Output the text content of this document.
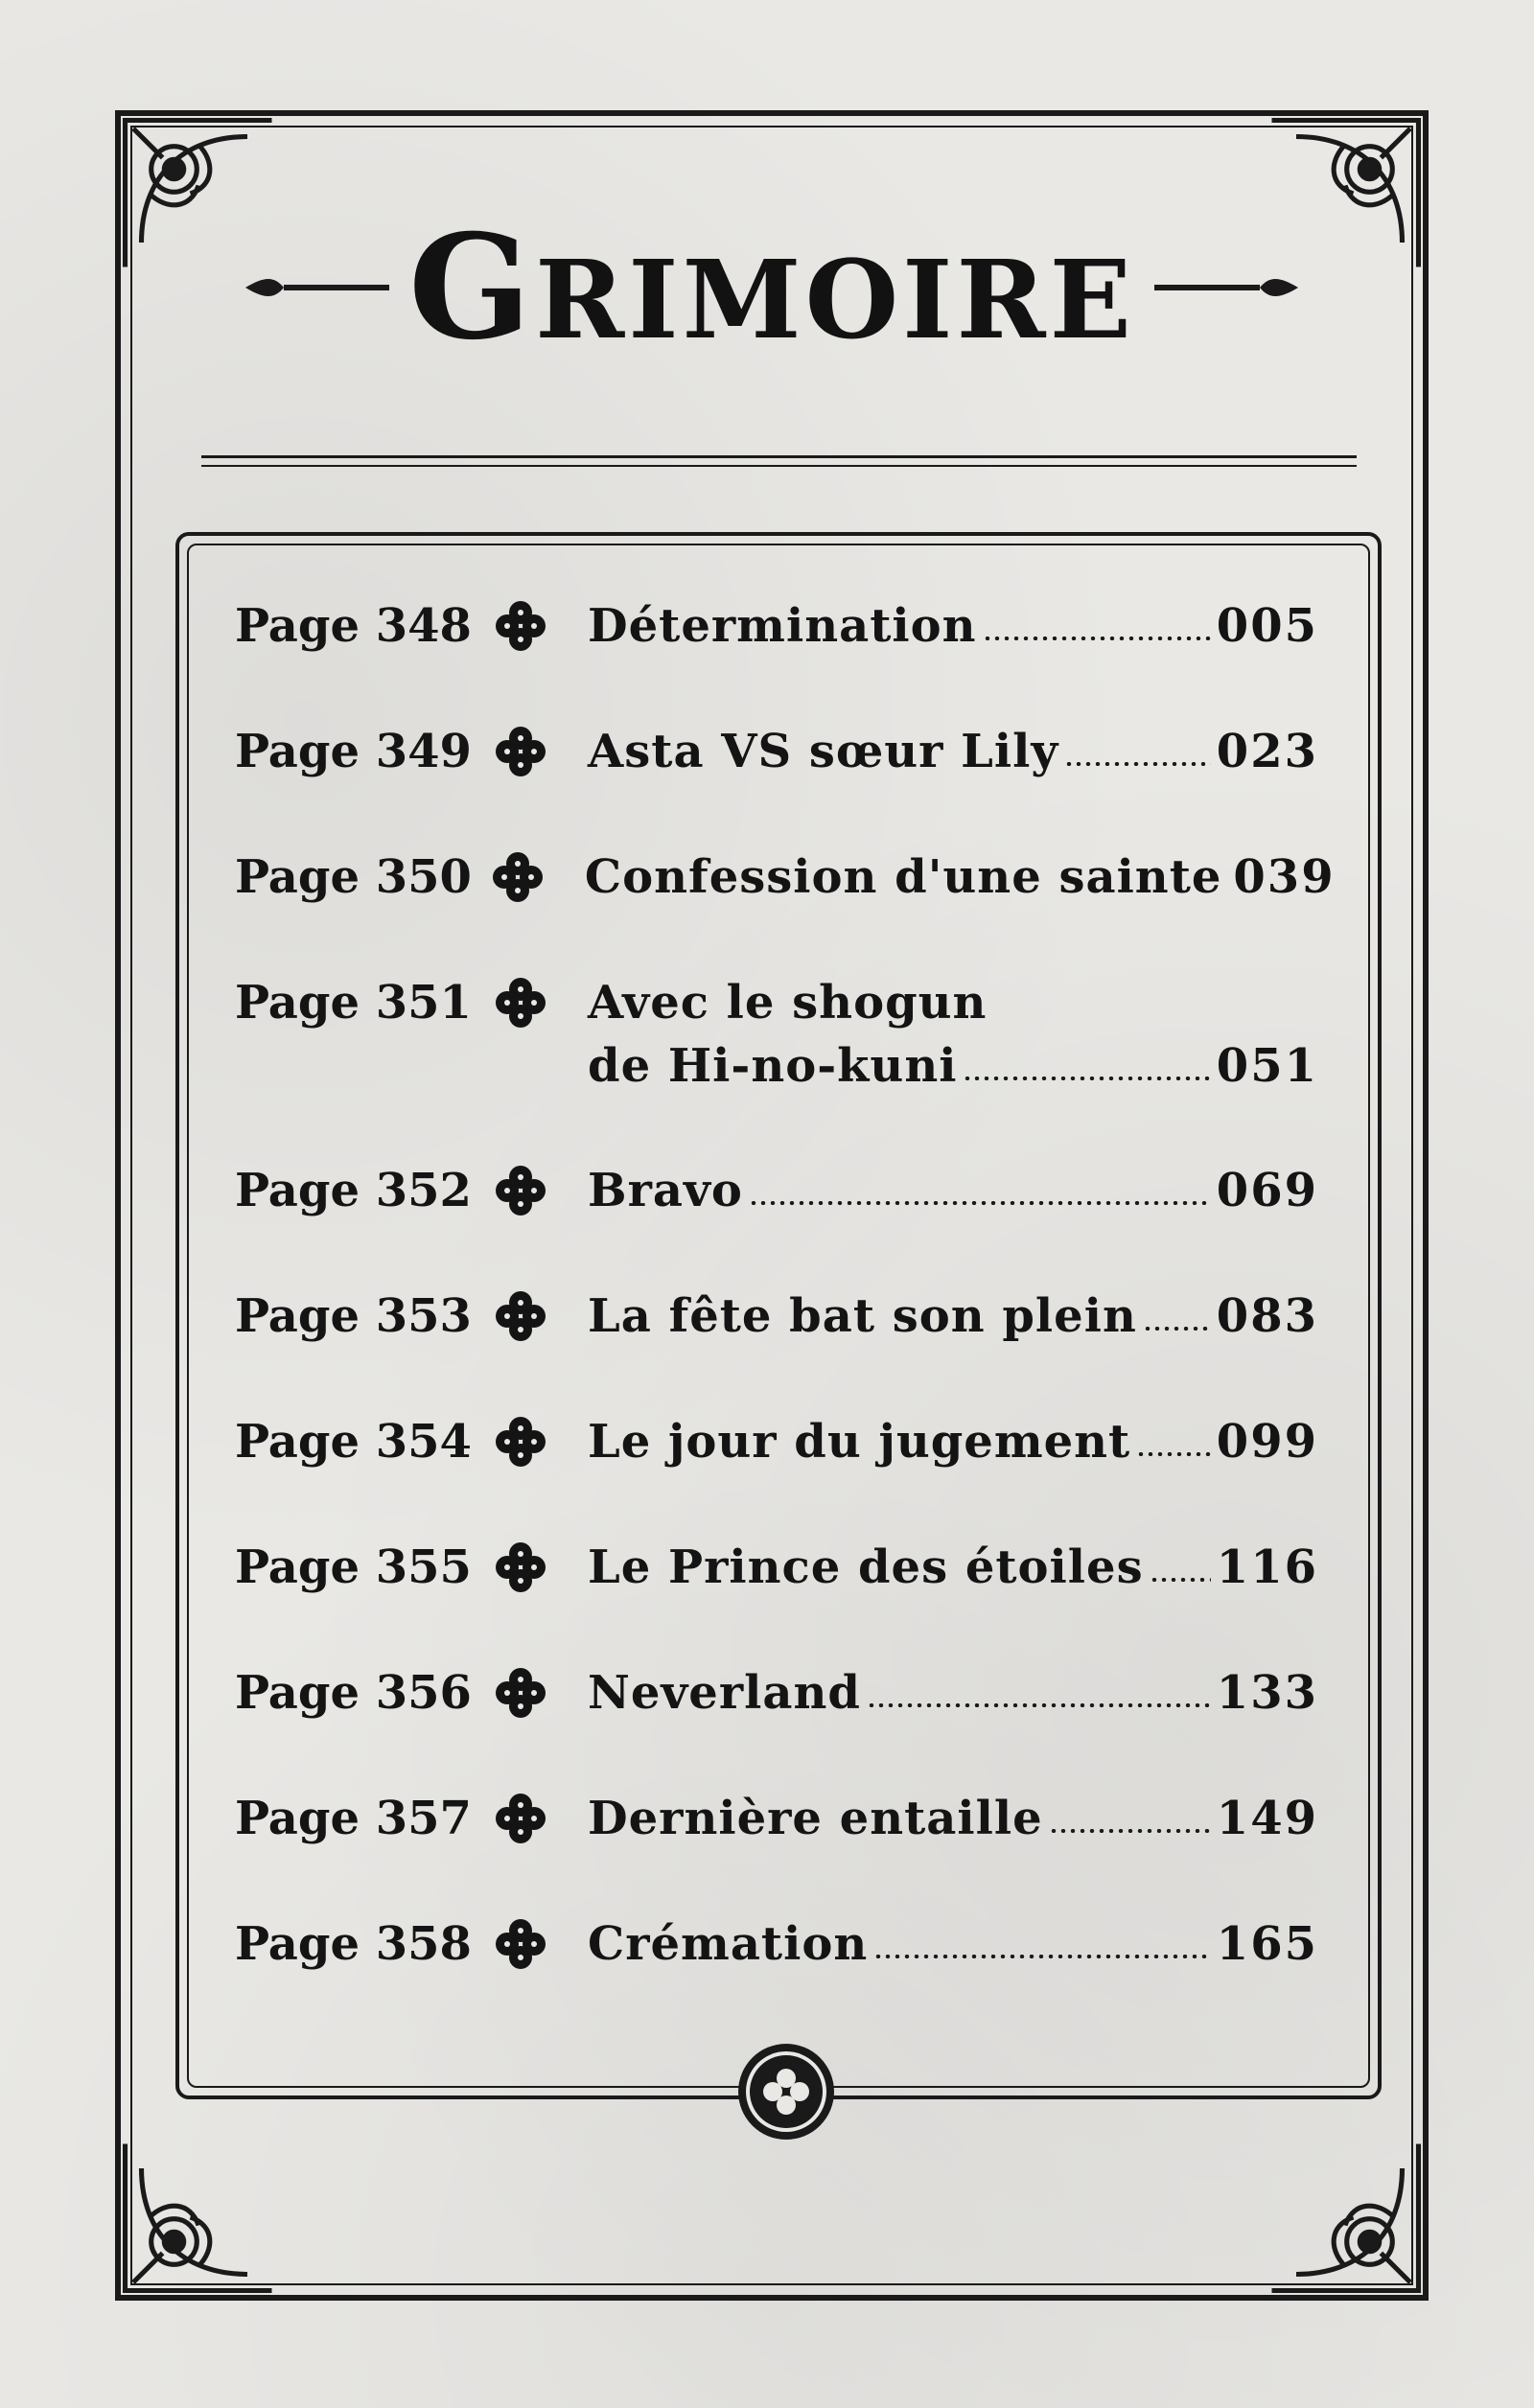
GRIMOIRE
Page 348	Détermination	005
Page 349	Asta VS sœur Lily	023
Page 350 Confession d'une sainte 039
Page 351	Avec le shogun
de Hi-no-kuni	051
Page 352	Bravo	069
Page 353	La fête bat son plein 083
Page 354	Le jour du jugement 099
Page 355	Le Prince des étoiles 116
Page 356	Neverland	133
Page 357	Dernière entaille	149
Page 358	Crémation	165
